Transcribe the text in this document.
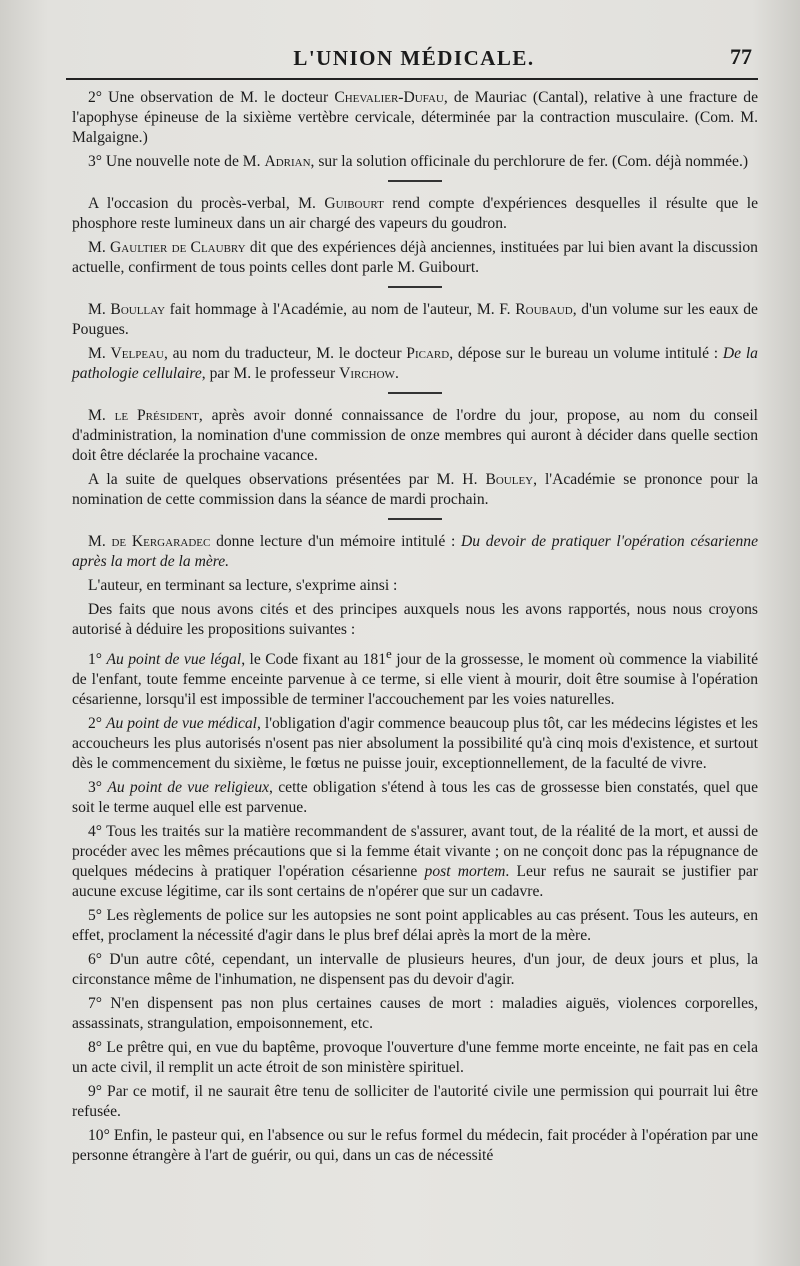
L'UNION MÉDICALE.	77

2° Une observation de M. le docteur Chevalier-Dufau, de Mauriac (Cantal), relative à une fracture de l'apophyse épineuse de la sixième vertèbre cervicale, déterminée par la contraction musculaire. (Com. M. Malgaigne.)

3° Une nouvelle note de M. Adrian, sur la solution officinale du perchlorure de fer. (Com. déjà nommée.)

A l'occasion du procès-verbal, M. Guibourt rend compte d'expériences desquelles il résulte que le phosphore reste lumineux dans un air chargé des vapeurs du goudron.

M. Gaultier de Claubry dit que des expériences déjà anciennes, instituées par lui bien avant la discussion actuelle, confirment de tous points celles dont parle M. Guibourt.

M. Boullay fait hommage à l'Académie, au nom de l'auteur, M. F. Roubaud, d'un volume sur les eaux de Pougues.

M. Velpeau, au nom du traducteur, M. le docteur Picard, dépose sur le bureau un volume intitulé : De la pathologie cellulaire, par M. le professeur Virchow.

M. le Président, après avoir donné connaissance de l'ordre du jour, propose, au nom du conseil d'administration, la nomination d'une commission de onze membres qui auront à décider dans quelle section doit être déclarée la prochaine vacance.

A la suite de quelques observations présentées par M. H. Bouley, l'Académie se prononce pour la nomination de cette commission dans la séance de mardi prochain.

M. de Kergaradec donne lecture d'un mémoire intitulé : Du devoir de pratiquer l'opération césarienne après la mort de la mère.

L'auteur, en terminant sa lecture, s'exprime ainsi :

Des faits que nous avons cités et des principes auxquels nous les avons rapportés, nous nous croyons autorisé à déduire les propositions suivantes :

1° Au point de vue légal, le Code fixant au 181e jour de la grossesse, le moment où commence la viabilité de l'enfant, toute femme enceinte parvenue à ce terme, si elle vient à mourir, doit être soumise à l'opération césarienne, lorsqu'il est impossible de terminer l'accouchement par les voies naturelles.

2° Au point de vue médical, l'obligation d'agir commence beaucoup plus tôt, car les médecins légistes et les accoucheurs les plus autorisés n'osent pas nier absolument la possibilité qu'à cinq mois d'existence, et surtout dès le commencement du sixième, le fœtus ne puisse jouir, exceptionnellement, de la faculté de vivre.

3° Au point de vue religieux, cette obligation s'étend à tous les cas de grossesse bien constatés, quel que soit le terme auquel elle est parvenue.

4° Tous les traités sur la matière recommandent de s'assurer, avant tout, de la réalité de la mort, et aussi de procéder avec les mêmes précautions que si la femme était vivante ; on ne conçoit donc pas la répugnance de quelques médecins à pratiquer l'opération césarienne post mortem. Leur refus ne saurait se justifier par aucune excuse légitime, car ils sont certains de n'opérer que sur un cadavre.

5° Les règlements de police sur les autopsies ne sont point applicables au cas présent. Tous les auteurs, en effet, proclament la nécessité d'agir dans le plus bref délai après la mort de la mère.

6° D'un autre côté, cependant, un intervalle de plusieurs heures, d'un jour, de deux jours et plus, la circonstance même de l'inhumation, ne dispensent pas du devoir d'agir.

7° N'en dispensent pas non plus certaines causes de mort : maladies aiguës, violences corporelles, assassinats, strangulation, empoisonnement, etc.

8° Le prêtre qui, en vue du baptême, provoque l'ouverture d'une femme morte enceinte, ne fait pas en cela un acte civil, il remplit un acte étroit de son ministère spirituel.

9° Par ce motif, il ne saurait être tenu de solliciter de l'autorité civile une permission qui pourrait lui être refusée.

10° Enfin, le pasteur qui, en l'absence ou sur le refus formel du médecin, fait procéder à l'opération par une personne étrangère à l'art de guérir, ou qui, dans un cas de nécessité
